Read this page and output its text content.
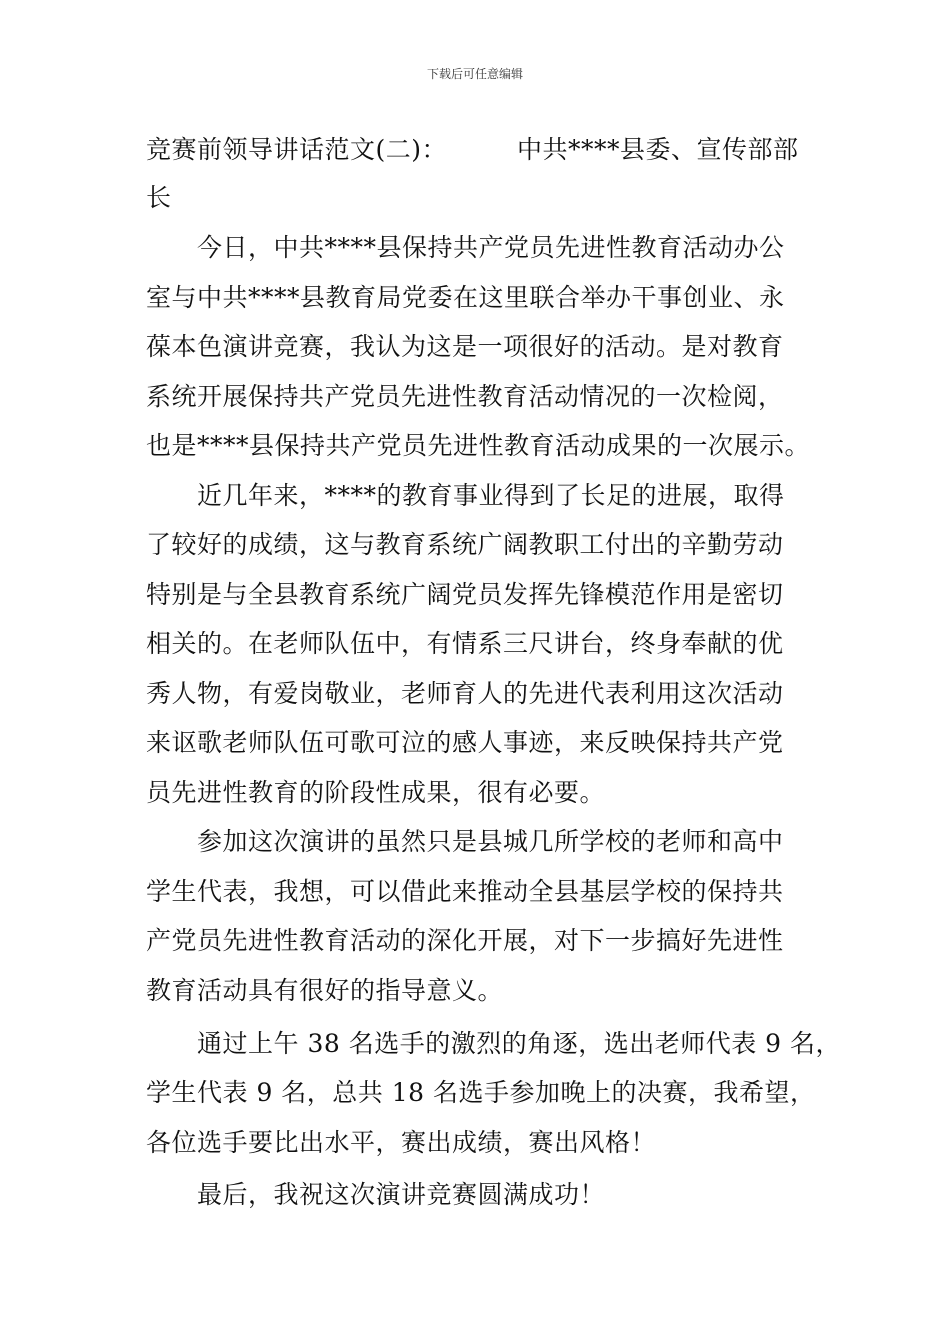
下载后可任意编辑
竞赛前领导讲话范文(二)：	中共****县委、宣传部部
长
今日，中共****县保持共产党员先进性教育活动办公
室与中共****县教育局党委在这里联合举办干事创业、永
葆本色演讲竞赛，我认为这是一项很好的活动。是对教育
系统开展保持共产党员先进性教育活动情况的一次检阅，
也是****县保持共产党员先进性教育活动成果的一次展示。
近几年来，****的教育事业得到了长足的进展，取得
了较好的成绩，这与教育系统广阔教职工付出的辛勤劳动
特别是与全县教育系统广阔党员发挥先锋模范作用是密切
相关的。在老师队伍中，有情系三尺讲台，终身奉献的优
秀人物，有爱岗敬业，老师育人的先进代表利用这次活动
来讴歌老师队伍可歌可泣的感人事迹，来反映保持共产党
员先进性教育的阶段性成果，很有必要。
参加这次演讲的虽然只是县城几所学校的老师和高中
学生代表，我想，可以借此来推动全县基层学校的保持共
产党员先进性教育活动的深化开展，对下一步搞好先进性
教育活动具有很好的指导意义。
通过上午 38 名选手的激烈的角逐，选出老师代表 9 名，
学生代表 9 名，总共 18 名选手参加晚上的决赛，我希望，
各位选手要比出水平，赛出成绩，赛出风格！
最后，我祝这次演讲竞赛圆满成功！
